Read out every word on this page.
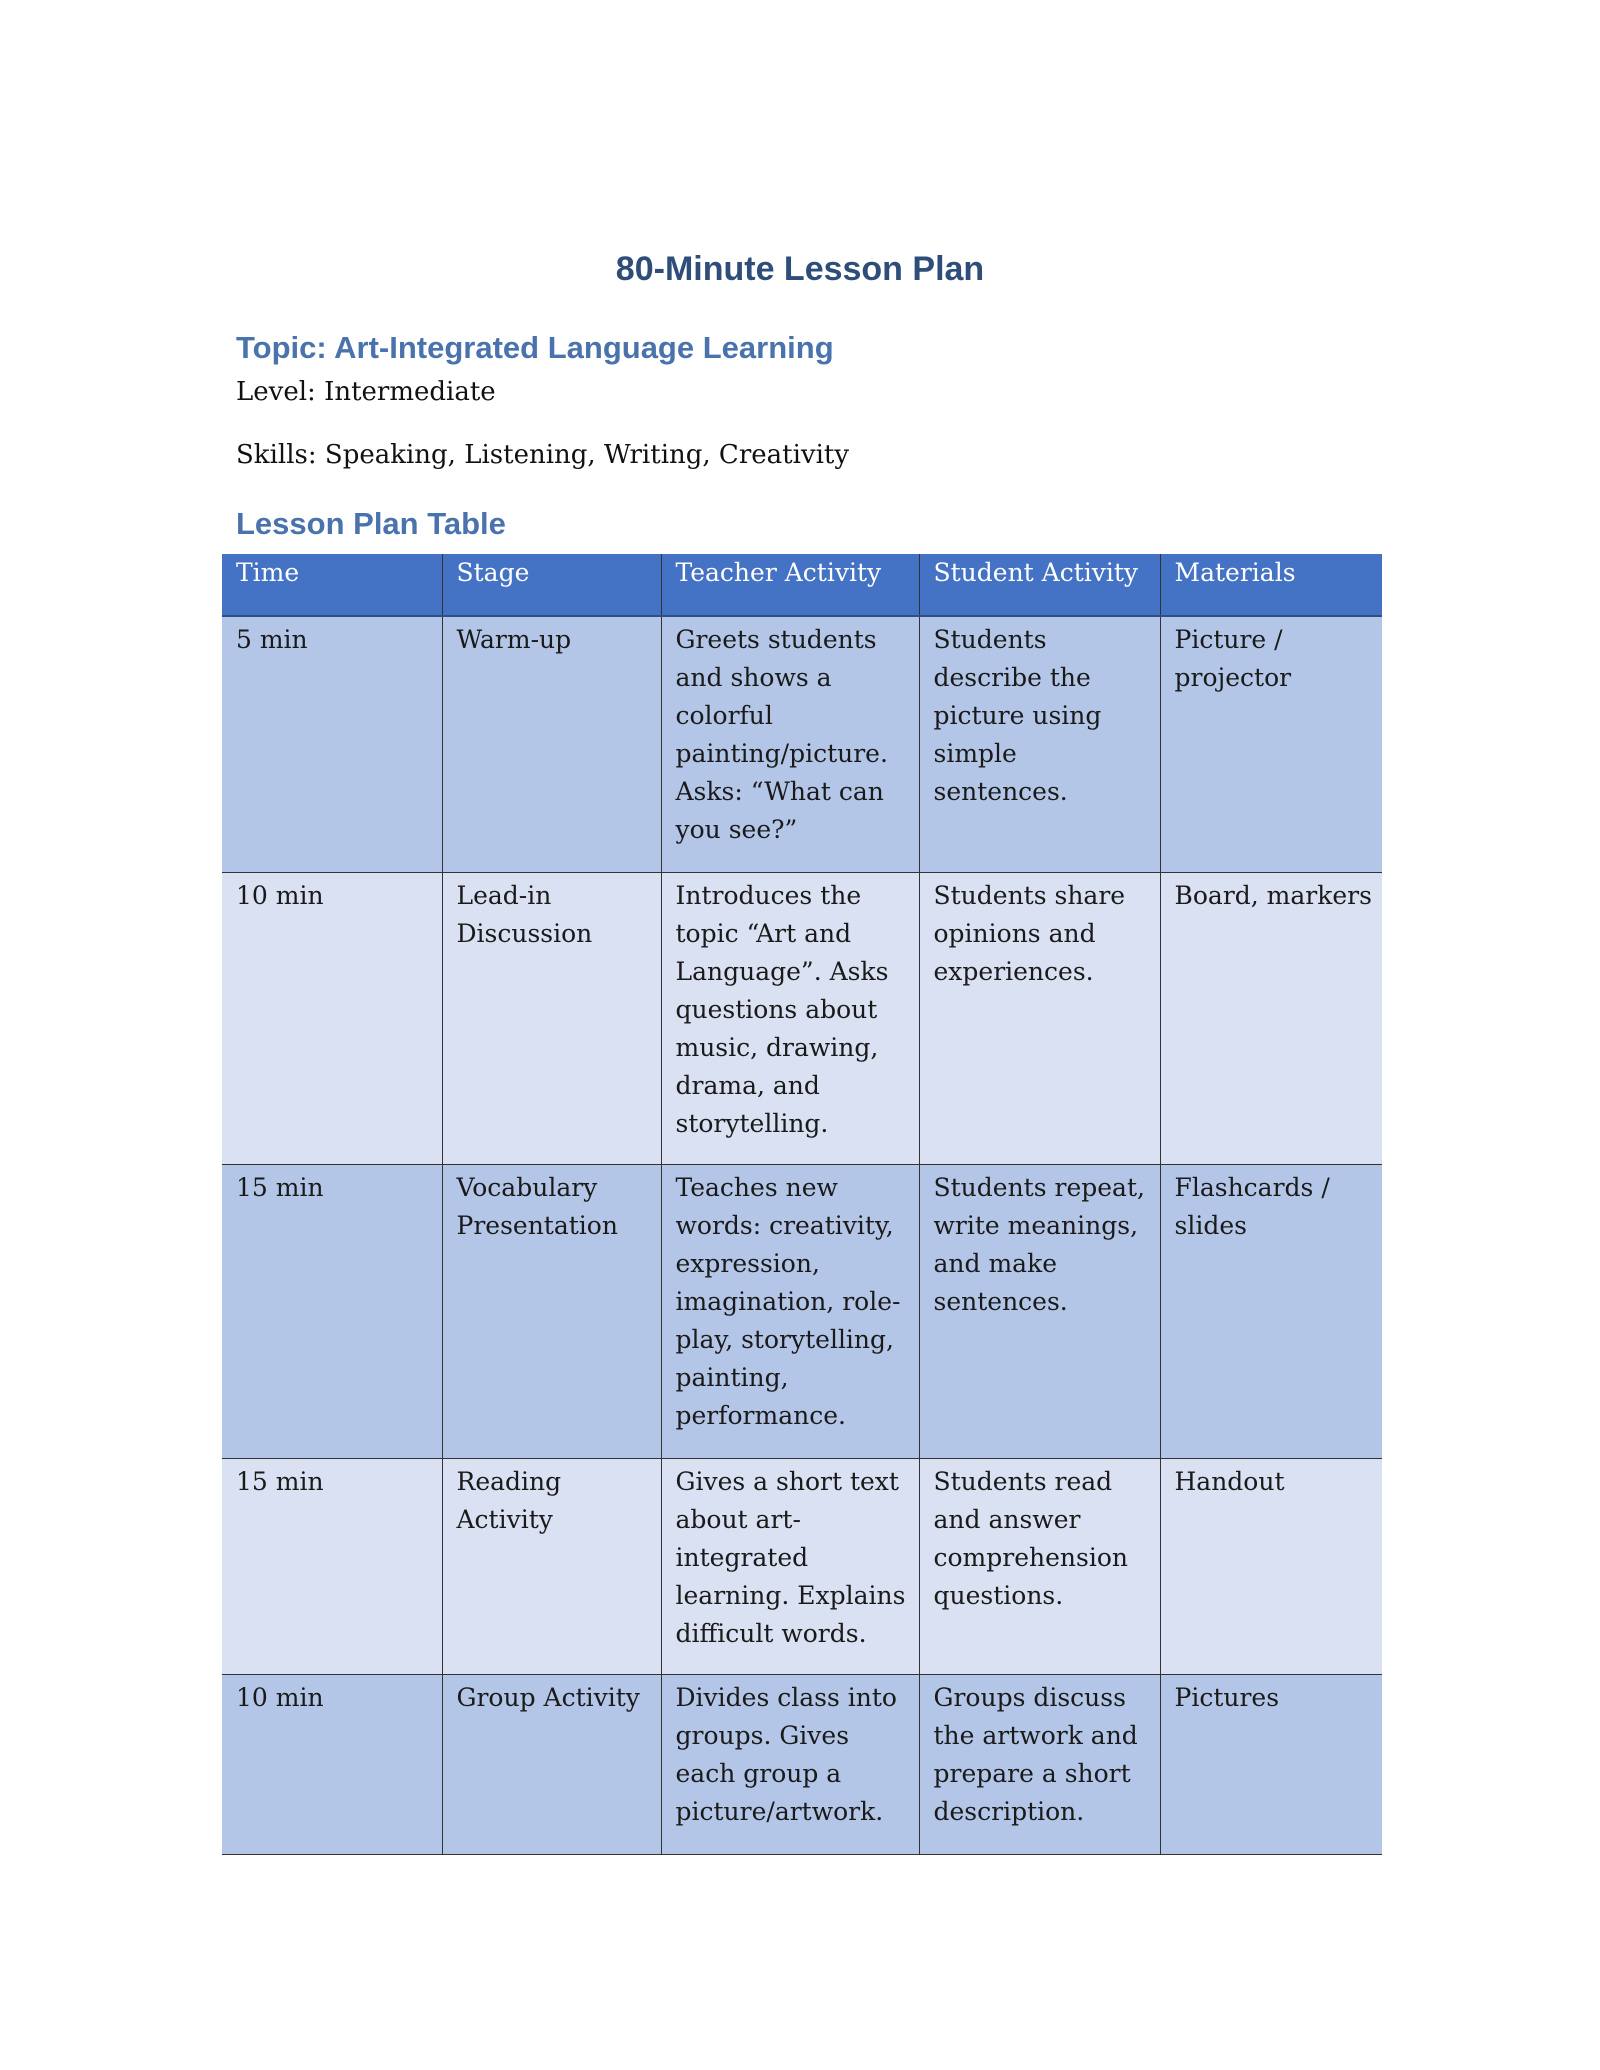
80-Minute Lesson Plan
Topic: Art-Integrated Language Learning

Level: Intermediate

Skills: Speaking, Listening, Writing, Creativity

Lesson Plan Table
Time	Stage	Teacher Activity	Student Activity	Materials
5 min	Warm-up	Greets students and shows a colorful painting/picture. Asks: “What can you see?”	Students describe the picture using simple sentences.	Picture / projector
10 min	Lead-in Discussion	Introduces the topic “Art and Language”. Asks questions about music, drawing, drama, and storytelling.	Students share opinions and experiences.	Board, markers
15 min	Vocabulary Presentation	Teaches new words: creativity, expression, imagination, role-play, storytelling, painting, performance.	Students repeat, write meanings, and make sentences.	Flashcards / slides
15 min	Reading Activity	Gives a short text about art-integrated learning. Explains difficult words.	Students read and answer comprehension questions.	Handout
10 min	Group Activity	Divides class into groups. Gives each group a picture/artwork.	Groups discuss the artwork and prepare a short description.	Pictures
